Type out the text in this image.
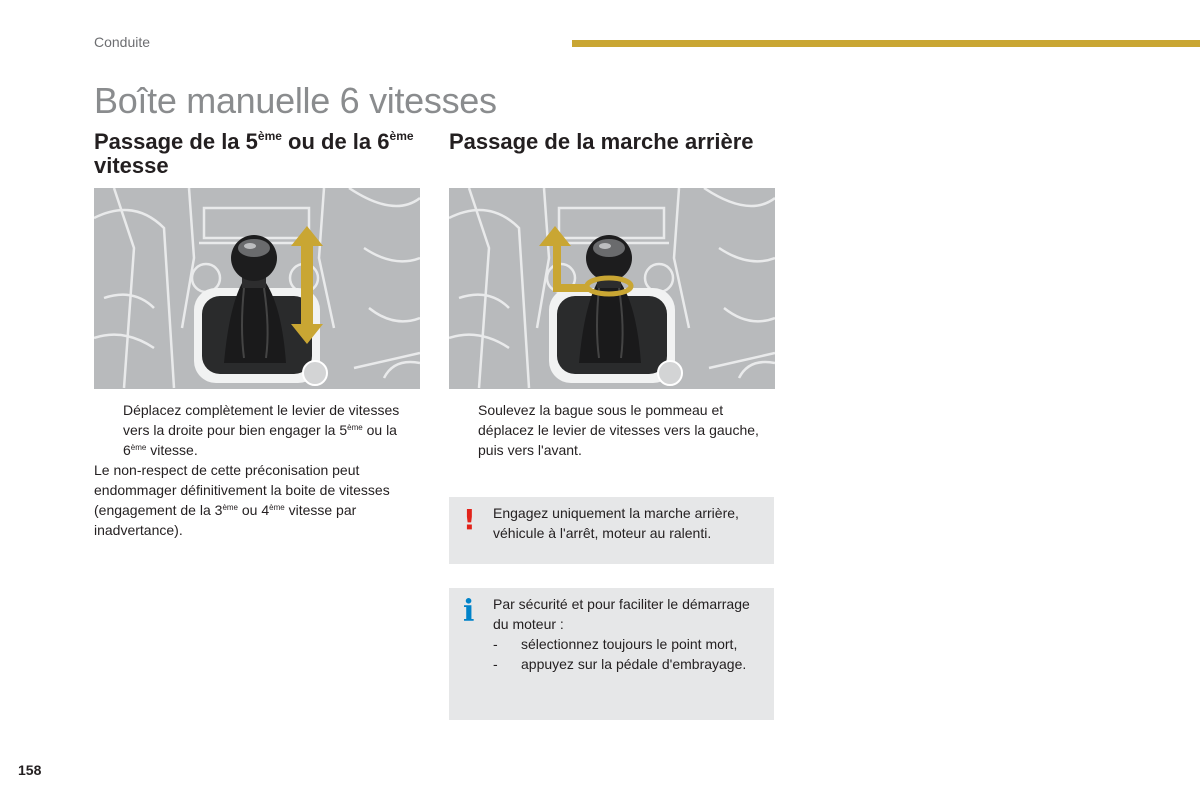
Conduite
Boîte manuelle 6 vitesses
Passage de la 5ème ou de la 6ème vitesse
Passage de la marche arrière
Déplacez complètement le levier de vitesses vers la droite pour bien engager la 5ème ou la 6ème vitesse.
Le non-respect de cette préconisation peut endommager définitivement la boite de vitesses (engagement de la 3ème ou 4ème vitesse par inadvertance).
Soulevez la bague sous le pommeau et déplacez le levier de vitesses vers la gauche, puis vers l'avant.
! Engagez uniquement la marche arrière, véhicule à l'arrêt, moteur au ralenti.
i Par sécurité et pour faciliter le démarrage du moteur :
- sélectionnez toujours le point mort,
- appuyez sur la pédale d'embrayage.
158
